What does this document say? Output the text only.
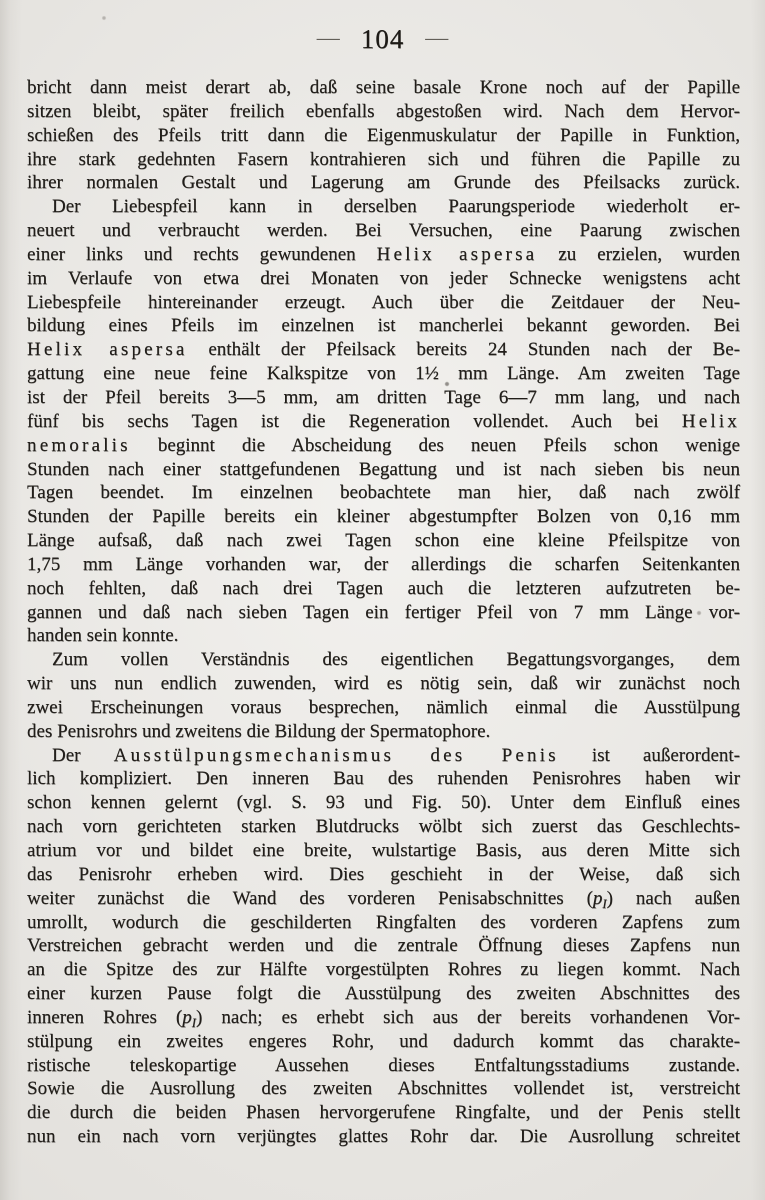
— 104 —
bricht dann meist derart ab, daß seine basale Krone noch auf der Papille
sitzen bleibt, später freilich ebenfalls abgestoßen wird. Nach dem Hervor-
schießen des Pfeils tritt dann die Eigenmuskulatur der Papille in Funktion,
ihre stark gedehnten Fasern kontrahieren sich und führen die Papille zu
ihrer normalen Gestalt und Lagerung am Grunde des Pfeilsacks zurück.
Der Liebespfeil kann in derselben Paarungsperiode wiederholt er-
neuert und verbraucht werden. Bei Versuchen, eine Paarung zwischen
einer links und rechts gewundenen Helix aspersa zu erzielen, wurden
im Verlaufe von etwa drei Monaten von jeder Schnecke wenigstens acht
Liebespfeile hintereinander erzeugt. Auch über die Zeitdauer der Neu-
bildung eines Pfeils im einzelnen ist mancherlei bekannt geworden. Bei
Helix aspersa enthält der Pfeilsack bereits 24 Stunden nach der Be-
gattung eine neue feine Kalkspitze von 1½ mm Länge. Am zweiten Tage
ist der Pfeil bereits 3—5 mm, am dritten Tage 6—7 mm lang, und nach
fünf bis sechs Tagen ist die Regeneration vollendet. Auch bei Helix
nemoralis beginnt die Abscheidung des neuen Pfeils schon wenige
Stunden nach einer stattgefundenen Begattung und ist nach sieben bis neun
Tagen beendet. Im einzelnen beobachtete man hier, daß nach zwölf
Stunden der Papille bereits ein kleiner abgestumpfter Bolzen von 0,16 mm
Länge aufsaß, daß nach zwei Tagen schon eine kleine Pfeilspitze von
1,75 mm Länge vorhanden war, der allerdings die scharfen Seitenkanten
noch fehlten, daß nach drei Tagen auch die letzteren aufzutreten be-
gannen und daß nach sieben Tagen ein fertiger Pfeil von 7 mm Länge vor-
handen sein konnte.
Zum vollen Verständnis des eigentlichen Begattungsvorganges, dem
wir uns nun endlich zuwenden, wird es nötig sein, daß wir zunächst noch
zwei Erscheinungen voraus besprechen, nämlich einmal die Ausstülpung
des Penisrohrs und zweitens die Bildung der Spermatophore.
Der Ausstülpungsmechanismus des Penis ist außerordent-
lich kompliziert. Den inneren Bau des ruhenden Penisrohres haben wir
schon kennen gelernt (vgl. S. 93 und Fig. 50). Unter dem Einfluß eines
nach vorn gerichteten starken Blutdrucks wölbt sich zuerst das Geschlechts-
atrium vor und bildet eine breite, wulstartige Basis, aus deren Mitte sich
das Penisrohr erheben wird. Dies geschieht in der Weise, daß sich
weiter zunächst die Wand des vorderen Penisabschnittes $(p_I)$ nach außen
umrollt, wodurch die geschilderten Ringfalten des vorderen Zapfens zum
Verstreichen gebracht werden und die zentrale Öffnung dieses Zapfens nun
an die Spitze des zur Hälfte vorgestülpten Rohres zu liegen kommt. Nach
einer kurzen Pause folgt die Ausstülpung des zweiten Abschnittes des
inneren Rohres $(p_I)$ nach; es erhebt sich aus der bereits vorhandenen Vor-
stülpung ein zweites engeres Rohr, und dadurch kommt das charakte-
ristische teleskopartige Aussehen dieses Entfaltungsstadiums zustande.
Sowie die Ausrollung des zweiten Abschnittes vollendet ist, verstreicht
die durch die beiden Phasen hervorgerufene Ringfalte, und der Penis stellt
nun ein nach vorn verjüngtes glattes Rohr dar. Die Ausrollung schreitet
